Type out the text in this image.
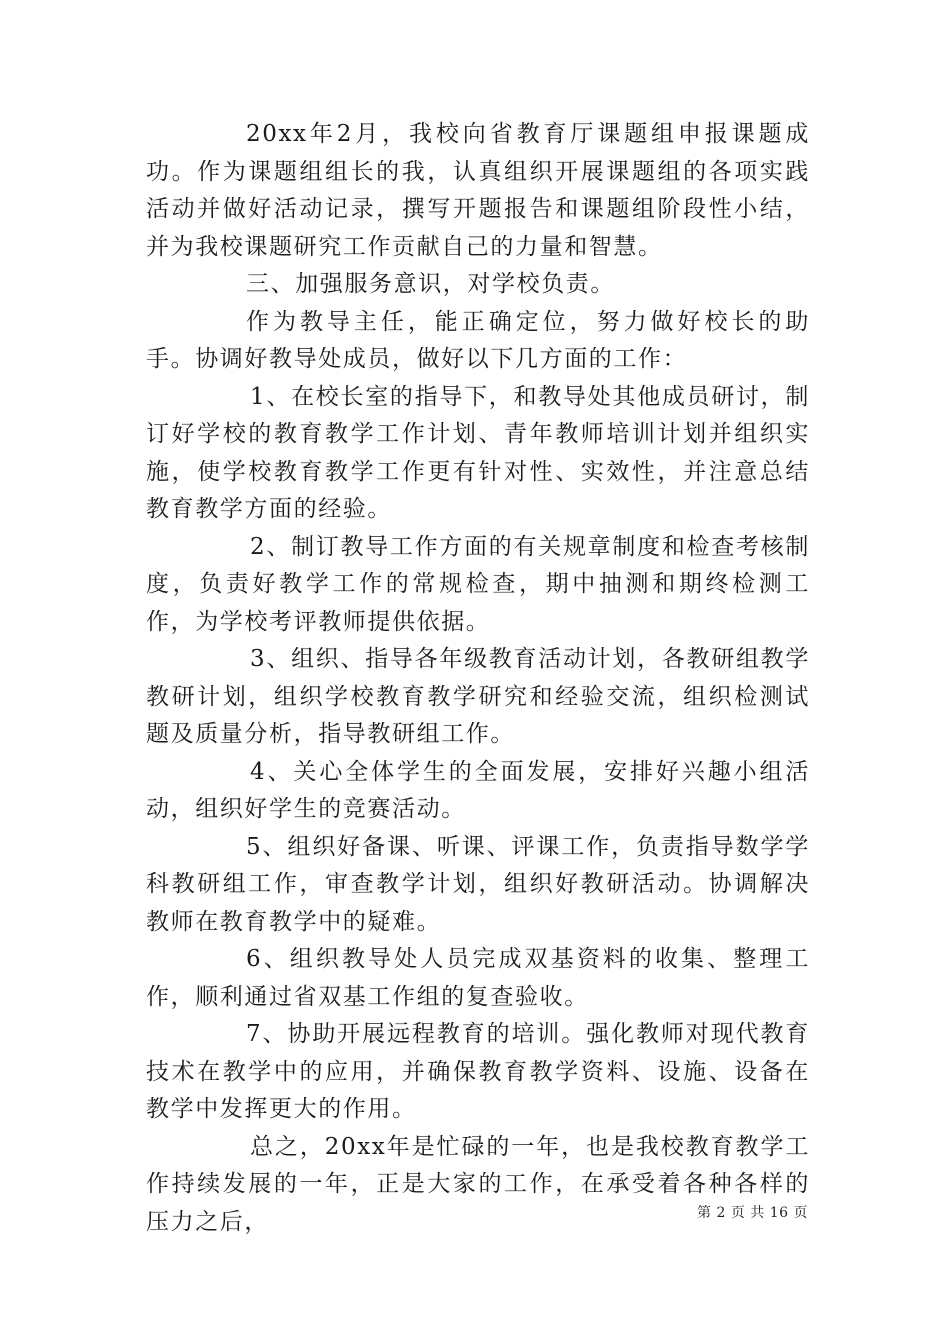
20xx年2月，我校向省教育厅课题组申报课题成功。作为课题组组长的我，认真组织开展课题组的各项实践活动并做好活动记录，撰写开题报告和课题组阶段性小结，并为我校课题研究工作贡献自己的力量和智慧。

三、加强服务意识，对学校负责。

作为教导主任，能正确定位，努力做好校长的助手。协调好教导处成员，做好以下几方面的工作：

1、在校长室的指导下，和教导处其他成员研讨，制订好学校的教育教学工作计划、青年教师培训计划并组织实施，使学校教育教学工作更有针对性、实效性，并注意总结教育教学方面的经验。

2、制订教导工作方面的有关规章制度和检查考核制度，负责好教学工作的常规检查，期中抽测和期终检测工作，为学校考评教师提供依据。

3、组织、指导各年级教育活动计划，各教研组教学教研计划，组织学校教育教学研究和经验交流，组织检测试题及质量分析，指导教研组工作。

4、关心全体学生的全面发展，安排好兴趣小组活动，组织好学生的竞赛活动。

5、组织好备课、听课、评课工作，负责指导数学学科教研组工作，审查教学计划，组织好教研活动。协调解决教师在教育教学中的疑难。

6、组织教导处人员完成双基资料的收集、整理工作，顺利通过省双基工作组的复查验收。

7、协助开展远程教育的培训。强化教师对现代教育技术在教学中的应用，并确保教育教学资料、设施、设备在教学中发挥更大的作用。

总之，20xx年是忙碌的一年，也是我校教育教学工作持续发展的一年，正是大家的工作，在承受着各种各样的压力之后，	第 2 页 共 16 页
